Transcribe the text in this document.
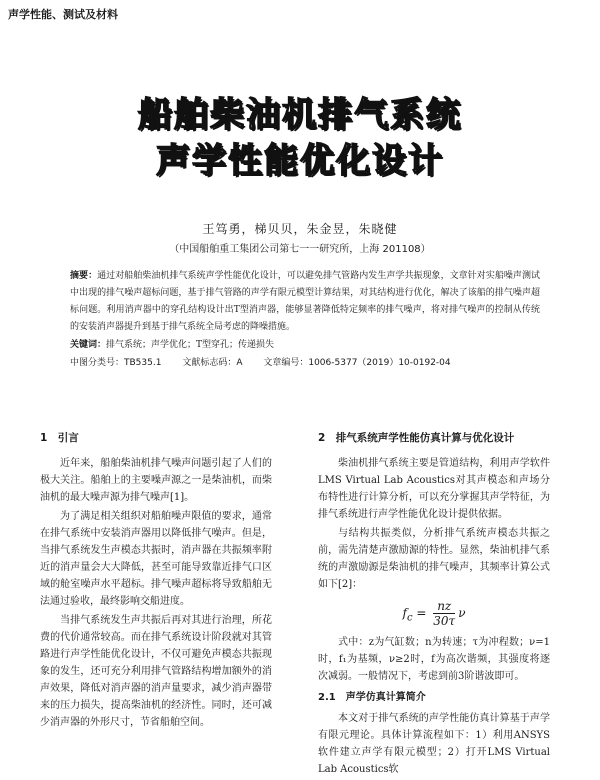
声学性能、测试及材料
船舶柴油机排气系统
声学性能优化设计
王笃勇，梯贝贝，朱金昱，朱晓健
（中国船舶重工集团公司第七一一研究所，上海 201108）
摘要：通过对船舶柴油机排气系统声学性能优化设计，可以避免排气管路内发生声学共振现象，文章针对实船噪声测试中出现的排气噪声超标问题，基于排气管路的声学有限元模型计算结果，对其结构进行优化，解决了该船的排气噪声超标问题。利用消声器中的穿孔结构设计出T型消声器，能够显著降低特定频率的排气噪声，将对排气噪声的控制从传统的安装消声器提升到基于排气系统全局考虑的降噪措施。
关键词：排气系统；声学优化；T型穿孔；传递损失
中图分类号：TB535.1 文献标志码：A 文章编号：1006-5377（2019）10-0192-04
1　引言

近年来，船舶柴油机排气噪声问题引起了人们的极大关注。船舶上的主要噪声源之一是柴油机，而柴油机的最大噪声源为排气噪声[1]。

为了满足相关组织对船舶噪声限值的要求，通常在排气系统中安装消声器用以降低排气噪声。但是，当排气系统发生声模态共振时，消声器在共振频率附近的消声量会大大降低，甚至可能导致靠近排气口区域的舱室噪声水平超标。排气噪声超标将导致船舶无法通过验收，最终影响交船进度。

当排气系统发生声共振后再对其进行治理，所花费的代价通常较高。而在排气系统设计阶段就对其管路进行声学性能优化设计，不仅可避免声模态共振现象的发生，还可充分利用排气管路结构增加额外的消声效果，降低对消声器的消声量要求，减少消声器带来的压力损失，提高柴油机的经济性。同时，还可减少消声器的外形尺寸，节省船舶空间。

2　排气系统声学性能仿真计算与优化设计

柴油机排气系统主要是管道结构，利用声学软件LMS Virtual Lab Acoustics对其声模态和声场分布特性进行计算分析，可以充分掌握其声学特征，为排气系统进行声学性能优化设计提供依据。

与结构共振类似，分析排气系统声模态共振之前，需先清楚声激励源的特性。显然，柴油机排气系统的声激励源是柴油机的排气噪声，其频率计算公式如下[2]：

$f_c = \frac{nz}{30\tau}$ ν

式中：z为气缸数；n为转速；τ为冲程数；ν=1时，f₁为基频，ν≥2时，f为高次谐频，其强度将逐次减弱。一般情况下，考虑到前3阶谐波即可。

2.1　声学仿真计算简介

本文对于排气系统的声学性能仿真计算基于声学有限元理论。具体计算流程如下：1）利用ANSYS软件建立声学有限元模型；2）打开LMS Virtual Lab Acoustics软
